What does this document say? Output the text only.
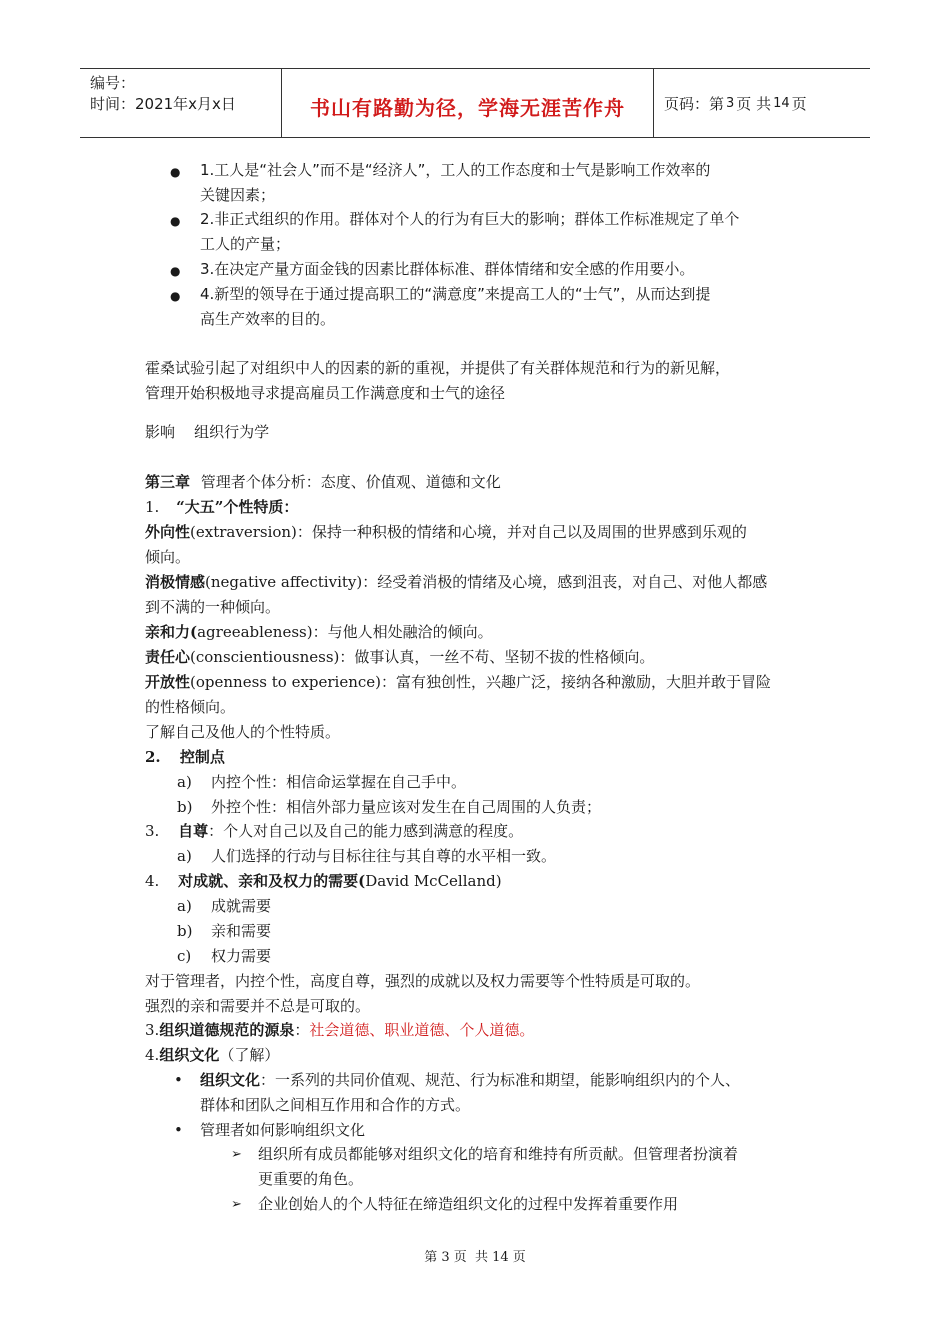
编号：
时间：2021年x月x日	书山有路勤为径，学海无涯苦作舟	页码：第 3 页 共 14 页
● 1.工人是“社会人”而不是“经济人”，工人的工作态度和士气是影响工作效率的
关键因素；
● 2.非正式组织的作用。群体对个人的行为有巨大的影响；群体工作标准规定了单个
工人的产量；
● 3.在决定产量方面金钱的因素比群体标准、群体情绪和安全感的作用要小。
● 4.新型的领导在于通过提高职工的“满意度”来提高工人的“士气”，从而达到提
高生产效率的目的。
霍桑试验引起了对组织中人的因素的新的重视，并提供了有关群体规范和行为的新见解，
管理开始积极地寻求提高雇员工作满意度和士气的途径
影响    组织行为学
第三章 管理者个体分析：态度、价值观、道德和文化
1. “大五”个性特质：
外向性(extraversion)：保持一种积极的情绪和心境，并对自己以及周围的世界感到乐观的
倾向。
消极情感(negative affectivity)：经受着消极的情绪及心境，感到沮丧，对自己、对他人都感
到不满的一种倾向。
亲和力(agreeableness)：与他人相处融洽的倾向。
责任心(conscientiousness)：做事认真，一丝不苟、坚韧不拔的性格倾向。
开放性(openness to experience)：富有独创性，兴趣广泛，接纳各种激励，大胆并敢于冒险
的性格倾向。
了解自己及他人的个性特质。
2. 控制点
a) 内控个性：相信命运掌握在自己手中。
b) 外控个性：相信外部力量应该对发生在自己周围的人负责；
3. 自尊：个人对自己以及自己的能力感到满意的程度。
a) 人们选择的行动与目标往往与其自尊的水平相一致。
4. 对成就、亲和及权力的需要(David McCelland)
a) 成就需要
b) 亲和需要
c) 权力需要
对于管理者，内控个性，高度自尊，强烈的成就以及权力需要等个性特质是可取的。
强烈的亲和需要并不总是可取的。
3.组织道德规范的源泉：社会道德、职业道德、个人道德。
4.组织文化（了解）
• 组织文化：一系列的共同价值观、规范、行为标准和期望，能影响组织内的个人、
群体和团队之间相互作用和合作的方式。
• 管理者如何影响组织文化
➢ 组织所有成员都能够对组织文化的培育和维持有所贡献。但管理者扮演着
更重要的角色。
➢ 企业创始人的个人特征在缔造组织文化的过程中发挥着重要作用
第 3 页  共 14 页
